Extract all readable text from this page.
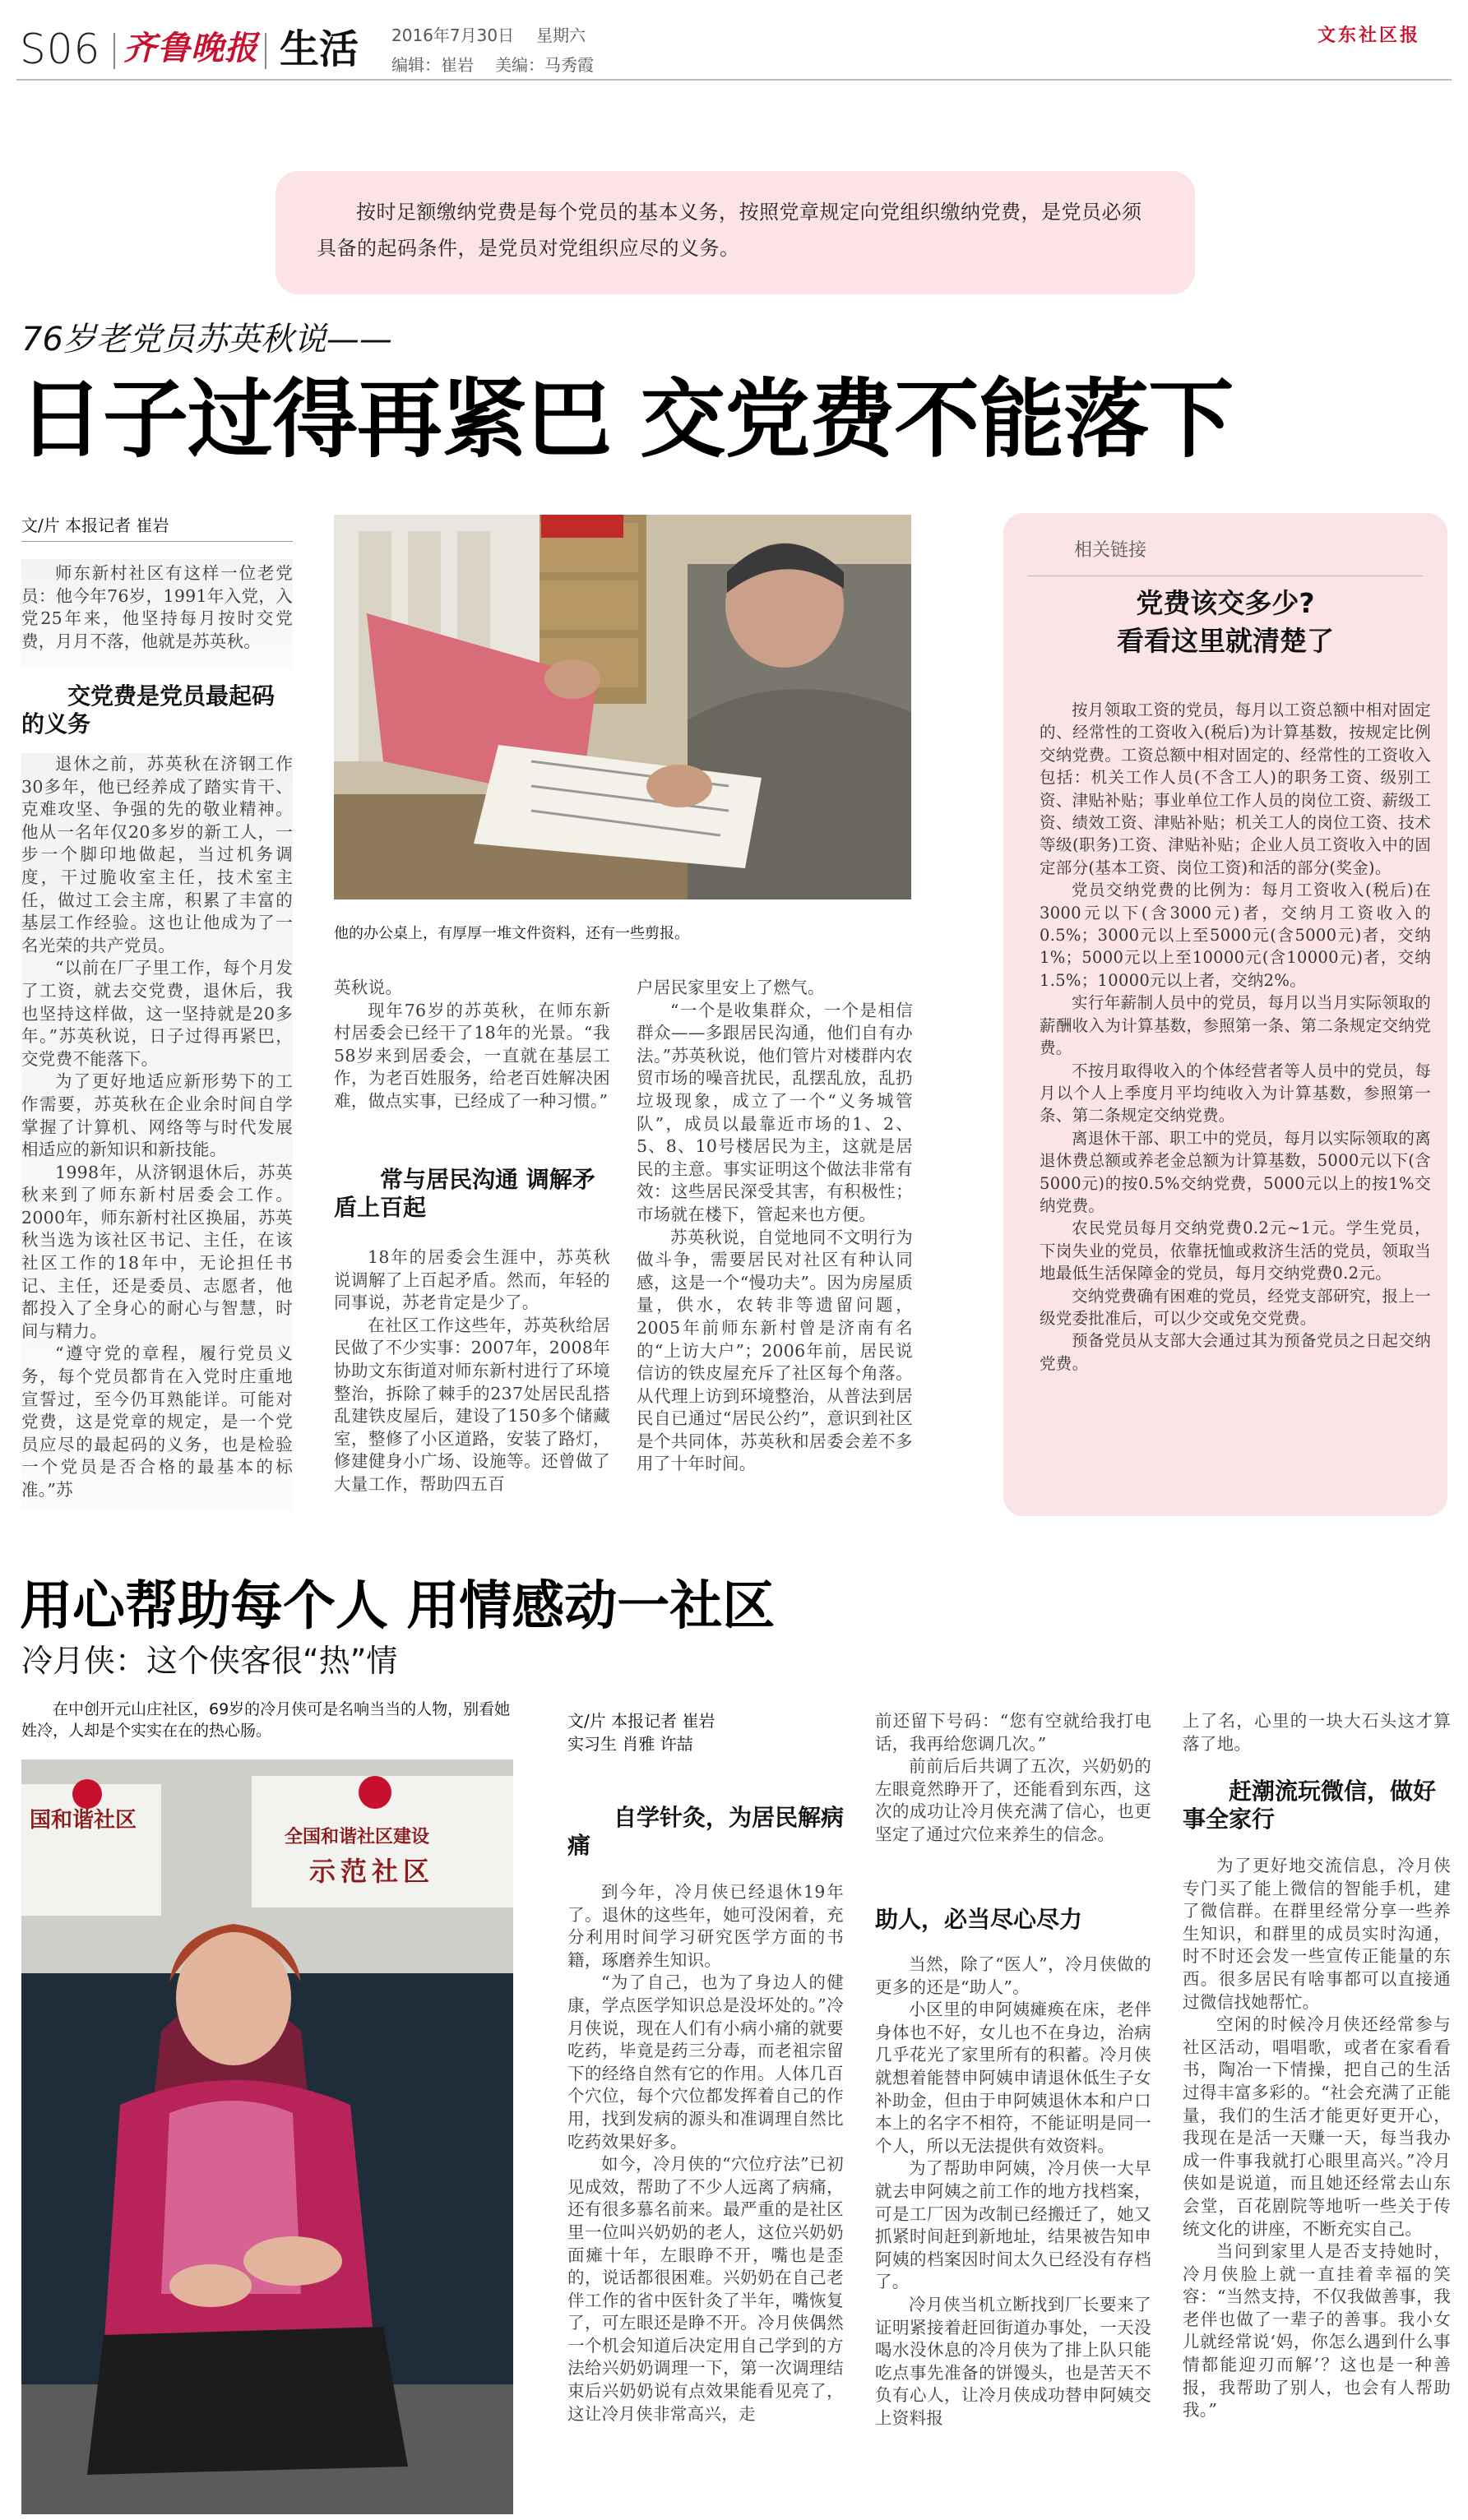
S06 齐鲁晚报 生活 2016年7月30日 星期六
编辑：崔岩 美编：马秀霞
文东社区报

按时足额缴纳党费是每个党员的基本义务，按照党章规定向党组织缴纳党费，是党员必须具备的起码条件，是党员对党组织应尽的义务。

76岁老党员苏英秋说——
日子过得再紧巴 交党费不能落下
文/片 本报记者 崔岩

师东新村社区有这样一位老党员：他今年76岁，1991年入党，入党25年来，他坚持每月按时交党费，月月不落，他就是苏英秋。

交党费是党员最起码的义务

退休之前，苏英秋在济钢工作30多年，他已经养成了踏实肯干、克难攻坚、争强的先的敬业精神。他从一名年仅20多岁的新工人，一步一个脚印地做起，当过机务调度，干过脆收室主任，技术室主任，做过工会主席，积累了丰富的基层工作经验。这也让他成为了一名光荣的共产党员。

“以前在厂子里工作，每个月发了工资，就去交党费，退休后，我也坚持这样做，这一坚持就是20多年。”苏英秋说，日子过得再紧巴，交党费不能落下。

为了更好地适应新形势下的工作需要，苏英秋在企业余时间自学掌握了计算机、网络等与时代发展相适应的新知识和新技能。

1998年，从济钢退休后，苏英秋来到了师东新村居委会工作。2000年，师东新村社区换届，苏英秋当选为该社区书记、主任，在该社区工作的18年中，无论担任书记、主任，还是委员、志愿者，他都投入了全身心的耐心与智慧，时间与精力。

“遵守党的章程，履行党员义务，每个党员都肯在入党时庄重地宣誓过，至今仍耳熟能详。可能对党费，这是党章的规定，是一个党员应尽的最起码的义务，也是检验一个党员是否合格的最基本的标准。”苏

他的办公桌上，有厚厚一堆文件资料，还有一些剪报。
英秋说。

现年76岁的苏英秋，在师东新村居委会已经干了18年的光景。“我58岁来到居委会，一直就在基层工作，为老百姓服务，给老百姓解决困难，做点实事，已经成了一种习惯。”

常与居民沟通 调解矛盾上百起

18年的居委会生涯中，苏英秋说调解了上百起矛盾。然而，年轻的同事说，苏老肯定是少了。

在社区工作这些年，苏英秋给居民做了不少实事：2007年，2008年协助文东街道对师东新村进行了环境整治，拆除了棘手的237处居民乱搭乱建铁皮屋后，建设了150多个储藏室，整修了小区道路，安装了路灯，修建健身小广场、设施等。还曾做了大量工作，帮助四五百

户居民家里安上了燃气。

“一个是收集群众，一个是相信群众——多跟居民沟通，他们自有办法。”苏英秋说，他们管片对楼群内农贸市场的噪音扰民，乱摆乱放，乱扔垃圾现象，成立了一个“义务城管队”，成员以最靠近市场的1、2、5、8、10号楼居民为主，这就是居民的主意。事实证明这个做法非常有效：这些居民深受其害，有积极性；市场就在楼下，管起来也方便。

苏英秋说，自觉地同不文明行为做斗争，需要居民对社区有种认同感，这是一个“慢功夫”。因为房屋质量，供水，农转非等遗留问题，2005年前师东新村曾是济南有名的“上访大户”；2006年前，居民说信访的铁皮屋充斥了社区每个角落。从代理上访到环境整治，从普法到居民自已通过“居民公约”，意识到社区是个共同体，苏英秋和居委会差不多用了十年时间。

相关链接
党费该交多少?
看看这里就清楚了

按月领取工资的党员，每月以工资总额中相对固定的、经常性的工资收入(税后)为计算基数，按规定比例交纳党费。工资总额中相对固定的、经常性的工资收入包括：机关工作人员(不含工人)的职务工资、级别工资、津贴补贴；事业单位工作人员的岗位工资、薪级工资、绩效工资、津贴补贴；机关工人的岗位工资、技术等级(职务)工资、津贴补贴；企业人员工资收入中的固定部分(基本工资、岗位工资)和活的部分(奖金)。

党员交纳党费的比例为：每月工资收入(税后)在3000元以下(含3000元)者，交纳月工资收入的0.5%；3000元以上至5000元(含5000元)者，交纳1%；5000元以上至10000元(含10000元)者，交纳1.5%；10000元以上者，交纳2%。

实行年薪制人员中的党员，每月以当月实际领取的薪酬收入为计算基数，参照第一条、第二条规定交纳党费。

不按月取得收入的个体经营者等人员中的党员，每月以个人上季度月平均纯收入为计算基数，参照第一条、第二条规定交纳党费。

离退休干部、职工中的党员，每月以实际领取的离退休费总额或养老金总额为计算基数，5000元以下(含5000元)的按0.5%交纳党费，5000元以上的按1%交纳党费。

农民党员每月交纳党费0.2元~1元。学生党员，下岗失业的党员，依靠抚恤或救济生活的党员，领取当地最低生活保障金的党员，每月交纳党费0.2元。

交纳党费确有困难的党员，经党支部研究，报上一级党委批准后，可以少交或免交党费。

预备党员从支部大会通过其为预备党员之日起交纳党费。

用心帮助每个人 用情感动一社区
冷月侠：这个侠客很“热”情
在中创开元山庄社区，69岁的冷月侠可是名响当当的人物，别看她姓冷，人却是个实实在在的热心肠。
国和谐社区
全国和谐社区建设
示范社区
文/片 本报记者 崔岩
实习生 肖雅 许喆
自学针灸，为居民解病痛

到今年，冷月侠已经退休19年了。退休的这些年，她可没闲着，充分利用时间学习研究医学方面的书籍，琢磨养生知识。

“为了自己，也为了身边人的健康，学点医学知识总是没坏处的。”冷月侠说，现在人们有小病小痛的就要吃药，毕竟是药三分毒，而老祖宗留下的经络自然有它的作用。人体几百个穴位，每个穴位都发挥着自己的作用，找到发病的源头和准调理自然比吃药效果好多。

如今，冷月侠的“穴位疗法”已初见成效，帮助了不少人远离了病痛，还有很多慕名前来。最严重的是社区里一位叫兴奶奶的老人，这位兴奶奶面瘫十年，左眼睁不开，嘴也是歪的，说话都很困难。兴奶奶在自己老伴工作的省中医针灸了半年，嘴恢复了，可左眼还是睁不开。冷月侠偶然一个机会知道后决定用自己学到的方法给兴奶奶调理一下，第一次调理结束后兴奶奶说有点效果能看见亮了，这让冷月侠非常高兴，走

前还留下号码：“您有空就给我打电话，我再给您调几次。”

前前后后共调了五次，兴奶奶的左眼竟然睁开了，还能看到东西，这次的成功让冷月侠充满了信心，也更坚定了通过穴位来养生的信念。

助人，必当尽心尽力

当然，除了“医人”，冷月侠做的更多的还是“助人”。

小区里的申阿姨瘫痪在床，老伴身体也不好，女儿也不在身边，治病几乎花光了家里所有的积蓄。冷月侠就想着能替申阿姨申请退休低生子女补助金，但由于申阿姨退休本和户口本上的名字不相符，不能证明是同一个人，所以无法提供有效资料。

为了帮助申阿姨，冷月侠一大早就去申阿姨之前工作的地方找档案，可是工厂因为改制已经搬迁了，她又抓紧时间赶到新地址，结果被告知申阿姨的档案因时间太久已经没有存档了。

冷月侠当机立断找到厂长要来了证明紧接着赶回街道办事处，一天没喝水没休息的冷月侠为了排上队只能吃点事先准备的饼馒头，也是苦天不负有心人，让冷月侠成功替申阿姨交上资料报

上了名，心里的一块大石头这才算落了地。
赶潮流玩微信，做好事全家行

为了更好地交流信息，冷月侠专门买了能上微信的智能手机，建了微信群。在群里经常分享一些养生知识，和群里的成员实时沟通，时不时还会发一些宣传正能量的东西。很多居民有啥事都可以直接通过微信找她帮忙。

空闲的时候冷月侠还经常参与社区活动，唱唱歌，或者在家看看书，陶冶一下情操，把自己的生活过得丰富多彩的。“社会充满了正能量，我们的生活才能更好更开心，我现在是活一天赚一天，每当我办成一件事我就打心眼里高兴。”冷月侠如是说道，而且她还经常去山东会堂，百花剧院等地听一些关于传统文化的讲座，不断充实自己。

当问到家里人是否支持她时，冷月侠脸上就一直挂着幸福的笑容：“当然支持，不仅我做善事，我老伴也做了一辈子的善事。我小女儿就经常说‘妈，你怎么遇到什么事情都能迎刃而解’？这也是一种善报，我帮助了别人，也会有人帮助我。”
